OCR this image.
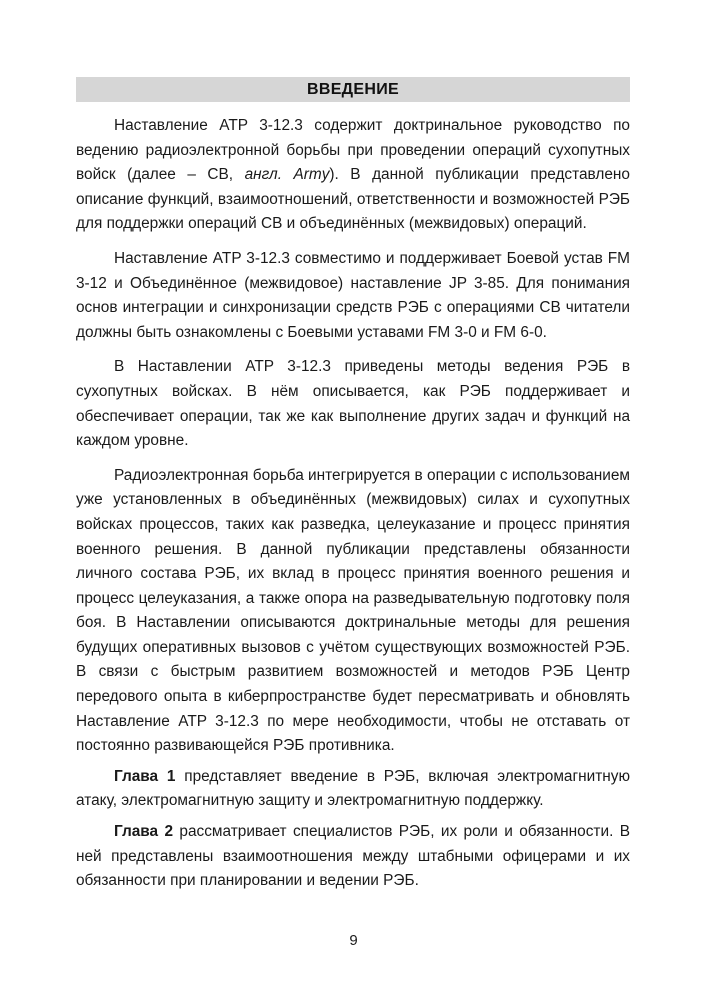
ВВЕДЕНИЕ

Наставление ATP 3-12.3 содержит доктринальное руководство по ведению радиоэлектронной борьбы при проведении операций сухопутных войск (далее – СВ, англ. Army). В данной публикации представлено описание функций, взаимоотношений, ответственности и возможностей РЭБ для поддержки операций СВ и объединённых (межвидовых) операций.

Наставление ATP 3-12.3 совместимо и поддерживает Боевой устав FM 3-12 и Объединённое (межвидовое) наставление JP 3-85. Для понимания основ интеграции и синхронизации средств РЭБ с операциями СВ читатели должны быть ознакомлены с Боевыми уставами FM 3-0 и FM 6-0.

В Наставлении ATP 3-12.3 приведены методы ведения РЭБ в сухопутных войсках. В нём описывается, как РЭБ поддерживает и обеспечивает операции, так же как выполнение других задач и функций на каждом уровне.

Радиоэлектронная борьба интегрируется в операции с использованием уже установленных в объединённых (межвидовых) силах и сухопутных войсках процессов, таких как разведка, целеуказание и процесс принятия военного решения. В данной публикации представлены обязанности личного состава РЭБ, их вклад в процесс принятия военного решения и процесс целеуказания, а также опора на разведывательную подготовку поля боя. В Наставлении описываются доктринальные методы для решения будущих оперативных вызовов с учётом существующих возможностей РЭБ. В связи с быстрым развитием возможностей и методов РЭБ Центр передового опыта в киберпространстве будет пересматривать и обновлять Наставление ATP 3-12.3 по мере необходимости, чтобы не отставать от постоянно развивающейся РЭБ противника.

Глава 1 представляет введение в РЭБ, включая электромагнитную атаку, электромагнитную защиту и электромагнитную поддержку.

Глава 2 рассматривает специалистов РЭБ, их роли и обязанности. В ней представлены взаимоотношения между штабными офицерами и их обязанности при планировании и ведении РЭБ.

9
